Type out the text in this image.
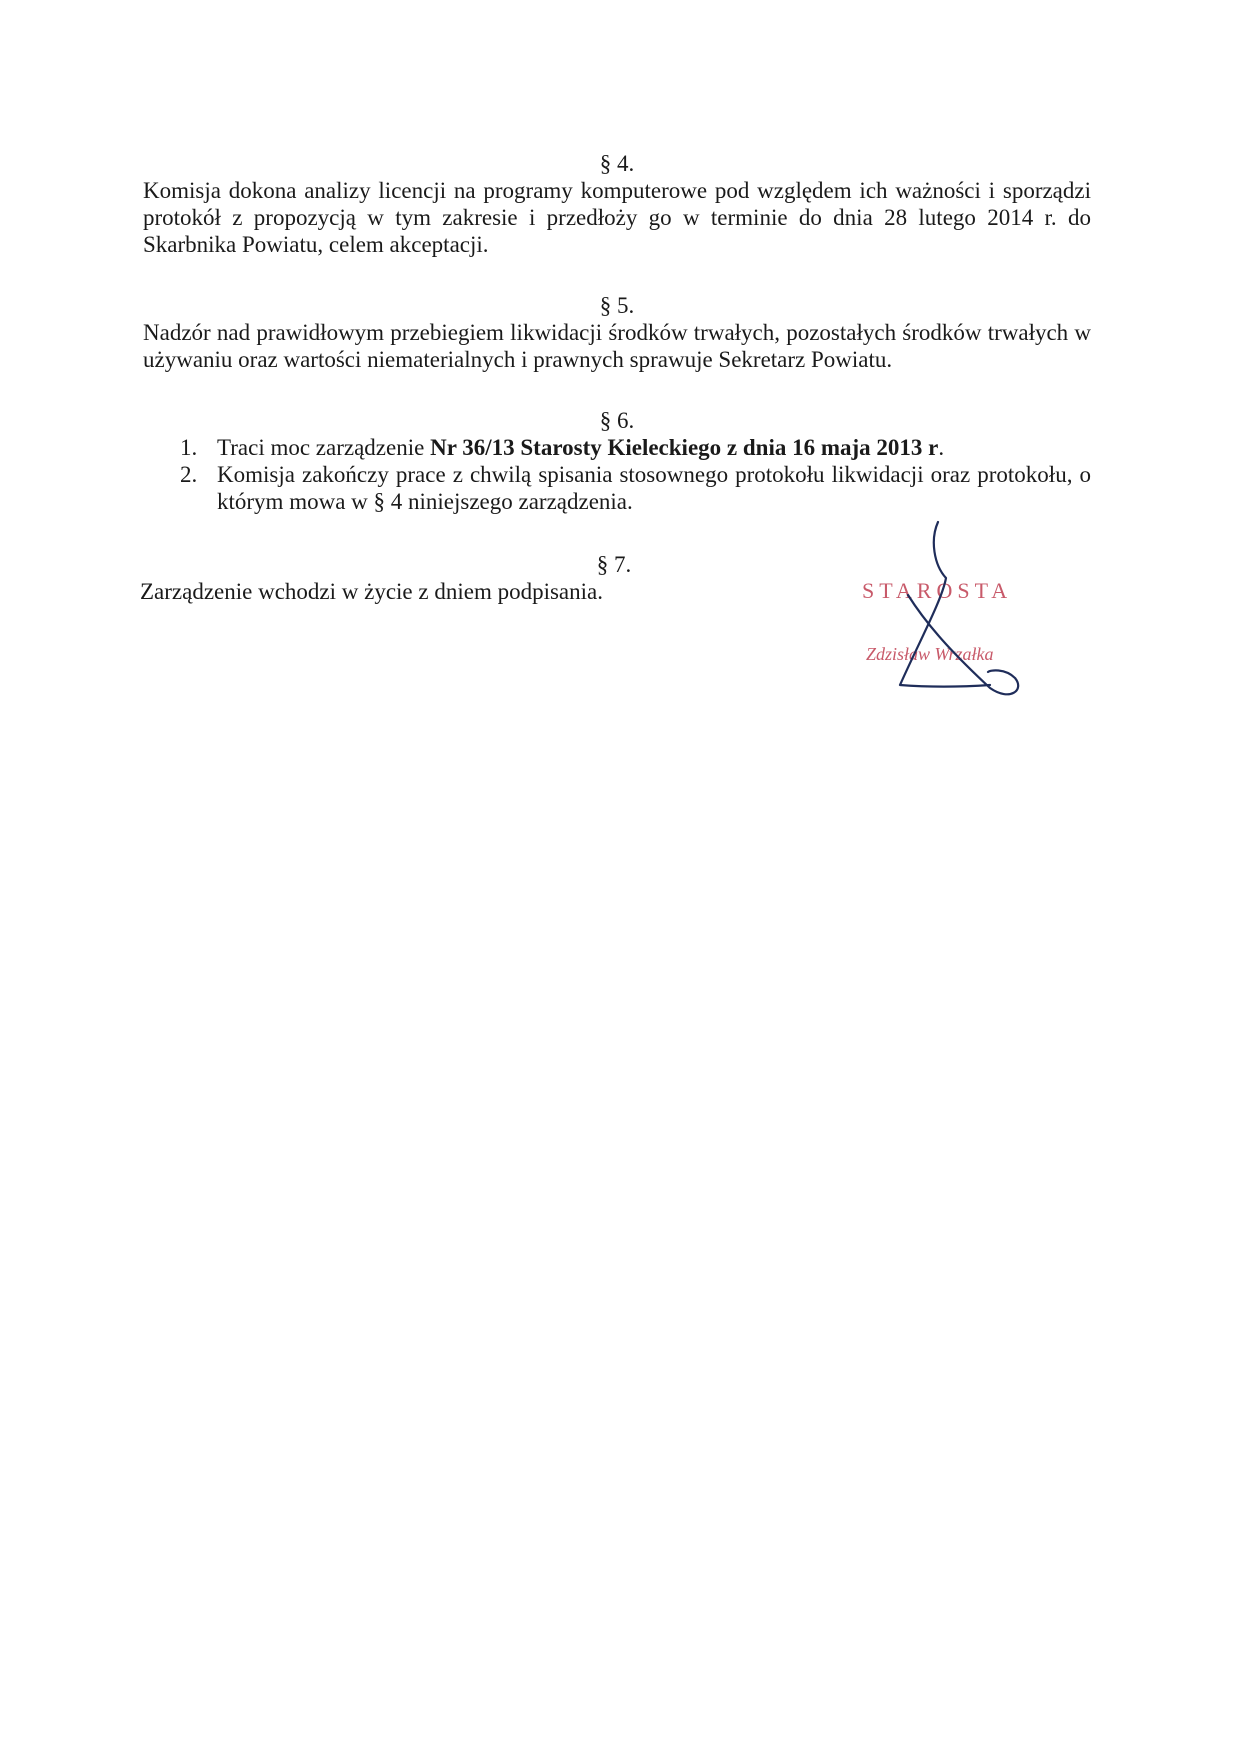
§ 4.

Komisja dokona analizy licencji na programy komputerowe pod względem ich ważności i sporządzi protokół z propozycją w tym zakresie i przedłoży go w terminie do dnia 28 lutego 2014 r. do Skarbnika Powiatu, celem akceptacji.

§ 5.

Nadzór nad prawidłowym przebiegiem likwidacji środków trwałych, pozostałych środków trwałych w używaniu oraz wartości niematerialnych i prawnych sprawuje Sekretarz Powiatu.

§ 6.

1. Traci moc zarządzenie Nr 36/13 Starosty Kieleckiego z dnia 16 maja 2013 r.
2. Komisja zakończy prace z chwilą spisania stosownego protokołu likwidacji oraz protokołu, o którym mowa w § 4 niniejszego zarządzenia.

§ 7.

Zarządzenie wchodzi w życie z dniem podpisania.	STAROSTA
Zdzisław Wrzałka
